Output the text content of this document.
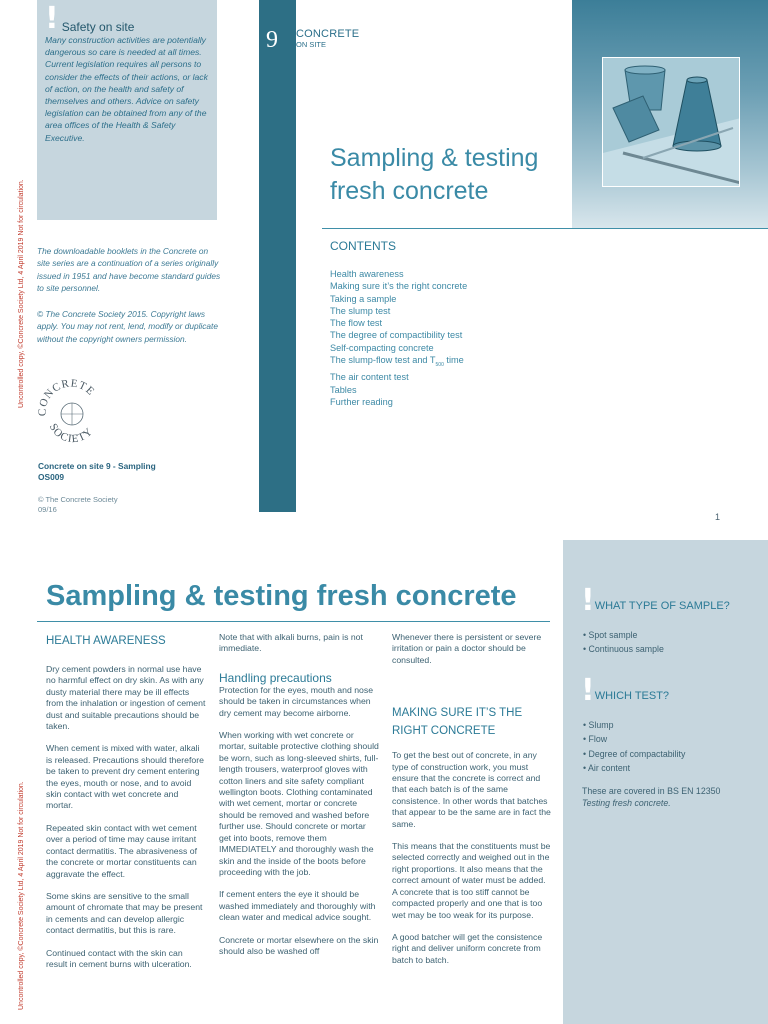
Uncontrolled copy, ©Concrete Society Ltd, 4 April 2019 Not for circulation.
Uncontrolled copy, ©Concrete Society Ltd, 4 April 2019 Not for circulation.
! Safety on site
Many construction activities are potentially dangerous so care is needed at all times. Current legislation requires all persons to consider the effects of their actions, or lack of action, on the health and safety of themselves and others. Advice on safety legislation can be obtained from any of the area offices of the Health & Safety Executive.
The downloadable booklets in the Concrete on site series are a continuation of a series originally issued in 1951 and have become standard guides to site personnel.
© The Concrete Society 2015. Copyright laws apply. You may not rent, lend, modify or duplicate without the copyright owners permission.
CONCRETE
SOCIETY
Concrete on site 9 - Sampling
OS009
© The Concrete Society
09/16
9 CONCRETE
ON SITE
Sampling & testing
fresh concrete
CONTENTS
Health awareness
Making sure it’s the right concrete
Taking a sample
The slump test
The flow test
The degree of compactibility test
Self-compacting concrete
The slump-flow test and $T_{500}$ time
The air content test
Tables
Further reading
1
Sampling & testing fresh concrete
HEALTH AWARENESS

Dry cement powders in normal use have no harmful effect on dry skin. As with any dusty material there may be ill effects from the inhalation or ingestion of cement dust and suitable precautions should be taken.

When cement is mixed with water, alkali is released. Precautions should therefore be taken to prevent dry cement entering the eyes, mouth or nose, and to avoid skin contact with wet concrete and mortar.

Repeated skin contact with wet cement over a period of time may cause irritant contact dermatitis. The abrasiveness of the concrete or mortar constituents can aggravate the effect.

Some skins are sensitive to the small amount of chromate that may be present in cements and can develop allergic contact dermatitis, but this is rare.

Continued contact with the skin can result in cement burns with ulceration.

Note that with alkali burns, pain is not immediate.

Handling precautions

Protection for the eyes, mouth and nose should be taken in circumstances when dry cement may become airborne.

When working with wet concrete or mortar, suitable protective clothing should be worn, such as long-sleeved shirts, full-length trousers, waterproof gloves with cotton liners and site safety compliant wellington boots. Clothing contaminated with wet cement, mortar or concrete should be removed and washed before further use. Should concrete or mortar get into boots, remove them IMMEDIATELY and thoroughly wash the skin and the inside of the boots before proceeding with the job.

If cement enters the eye it should be washed immediately and thoroughly with clean water and medical advice sought.

Concrete or mortar elsewhere on the skin should also be washed off

Whenever there is persistent or severe irritation or pain a doctor should be consulted.

MAKING SURE IT’S THE RIGHT CONCRETE

To get the best out of concrete, in any type of construction work, you must ensure that the concrete is correct and that each batch is of the same consistence. In other words that batches that appear to be the same are in fact the same.

This means that the constituents must be selected correctly and weighed out in the right proportions. It also means that the correct amount of water must be added. A concrete that is too stiff cannot be compacted properly and one that is too wet may be too weak for its purpose.

A good batcher will get the consistence right and deliver uniform concrete from batch to batch.

!WHAT TYPE OF SAMPLE?
• Spot sample
• Continuous sample
!WHICH TEST?
• Slump
• Flow
• Degree of compactability
• Air content
These are covered in BS EN 12350
Testing fresh concrete.
